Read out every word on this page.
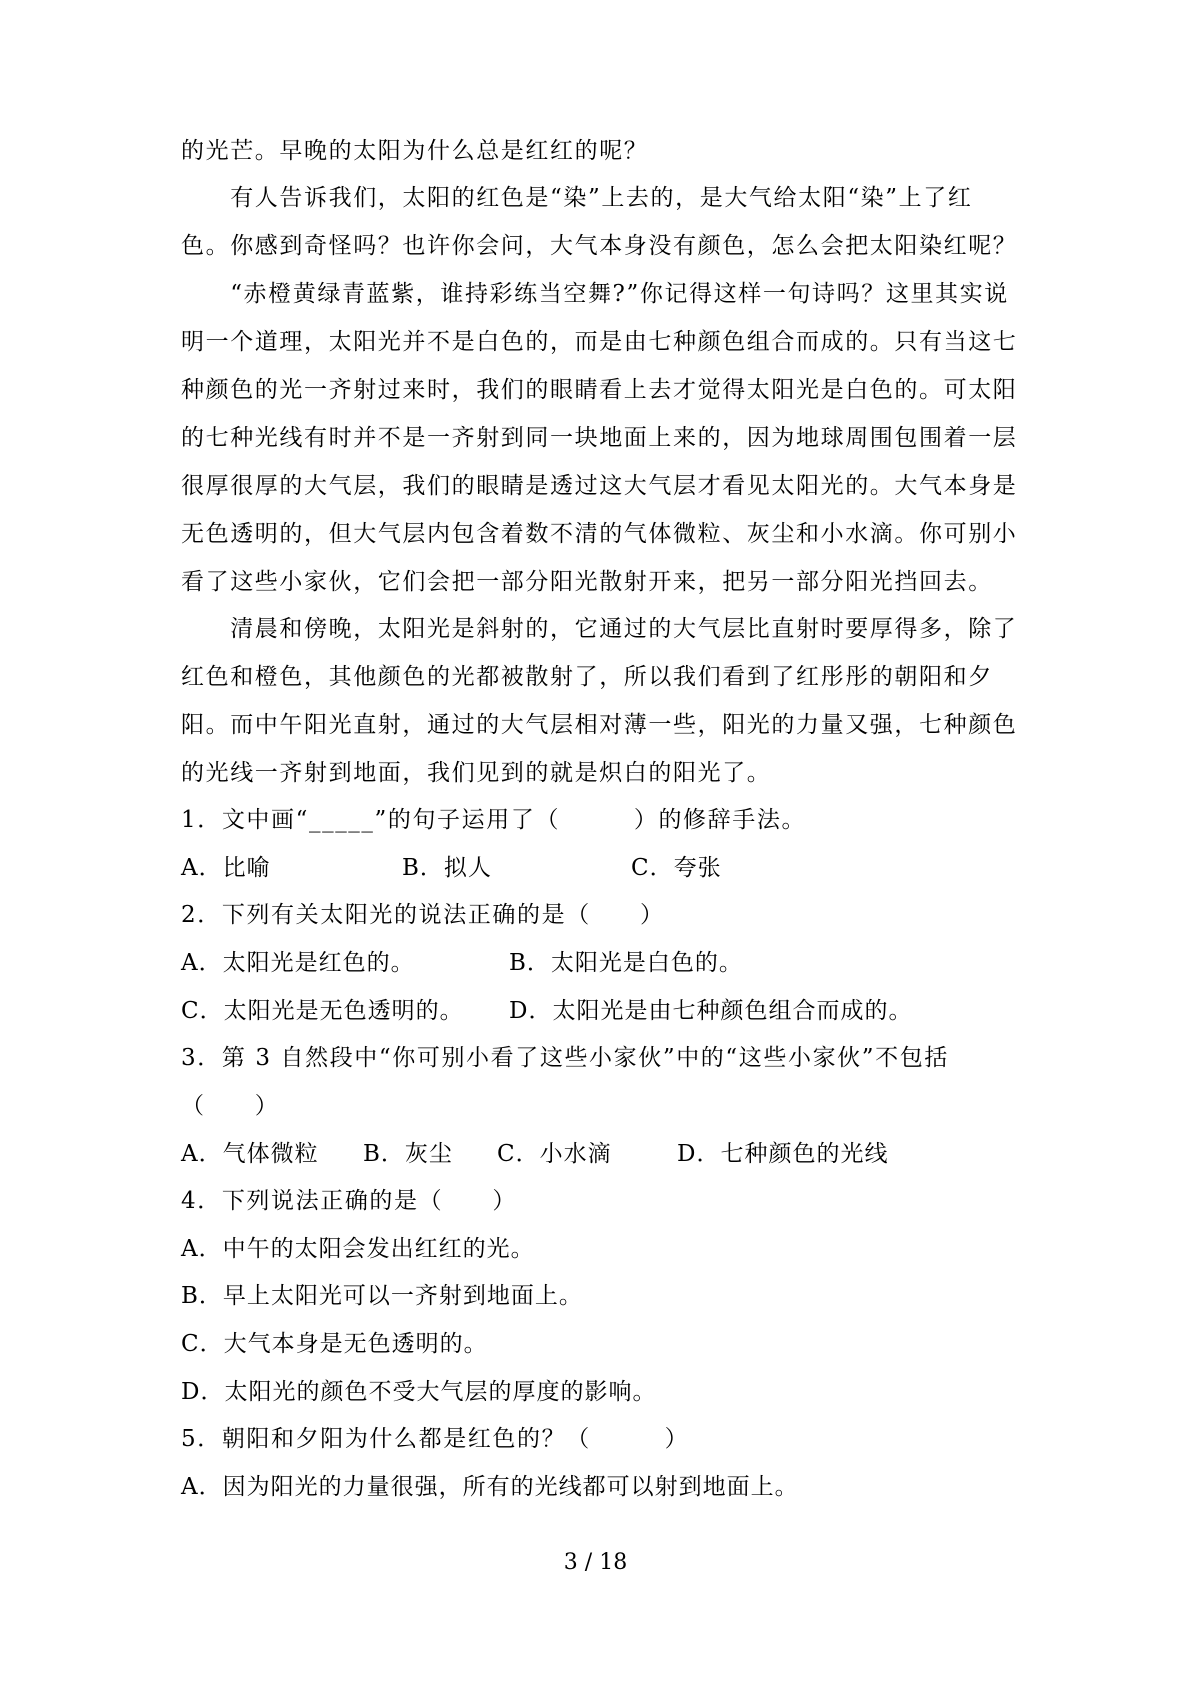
的光芒。早晚的太阳为什么总是红红的呢？
　　有人告诉我们，太阳的红色是“染”上去的，是大气给太阳“染”上了红
色。你感到奇怪吗？也许你会问，大气本身没有颜色，怎么会把太阳染红呢？
　　“赤橙黄绿青蓝紫，谁持彩练当空舞?”你记得这样一句诗吗？这里其实说
明一个道理，太阳光并不是白色的，而是由七种颜色组合而成的。只有当这七
种颜色的光一齐射过来时，我们的眼睛看上去才觉得太阳光是白色的。可太阳
的七种光线有时并不是一齐射到同一块地面上来的，因为地球周围包围着一层
很厚很厚的大气层，我们的眼睛是透过这大气层才看见太阳光的。大气本身是
无色透明的，但大气层内包含着数不清的气体微粒、灰尘和小水滴。你可别小
看了这些小家伙，它们会把一部分阳光散射开来，把另一部分阳光挡回去。
　　清晨和傍晚，太阳光是斜射的，它通过的大气层比直射时要厚得多，除了
红色和橙色，其他颜色的光都被散射了，所以我们看到了红彤彤的朝阳和夕
阳。而中午阳光直射，通过的大气层相对薄一些，阳光的力量又强，七种颜色
的光线一齐射到地面，我们见到的就是炽白的阳光了。
1．文中画“_____”的句子运用了（　　　）的修辞手法。
A．比喻	B．拟人	C．夸张
2．下列有关太阳光的说法正确的是（　　）
A．太阳光是红色的。	B．太阳光是白色的。
C．太阳光是无色透明的。 D．太阳光是由七种颜色组合而成的。
3．第 3 自然段中“你可别小看了这些小家伙”中的“这些小家伙”不包括
（　　）
A．气体微粒 B．灰尘 C．小水滴	D．七种颜色的光线
4．下列说法正确的是（　　）
A．中午的太阳会发出红红的光。
B．早上太阳光可以一齐射到地面上。
C．大气本身是无色透明的。
D．太阳光的颜色不受大气层的厚度的影响。
5．朝阳和夕阳为什么都是红色的？（　　　）
A．因为阳光的力量很强，所有的光线都可以射到地面上。
3 / 18
